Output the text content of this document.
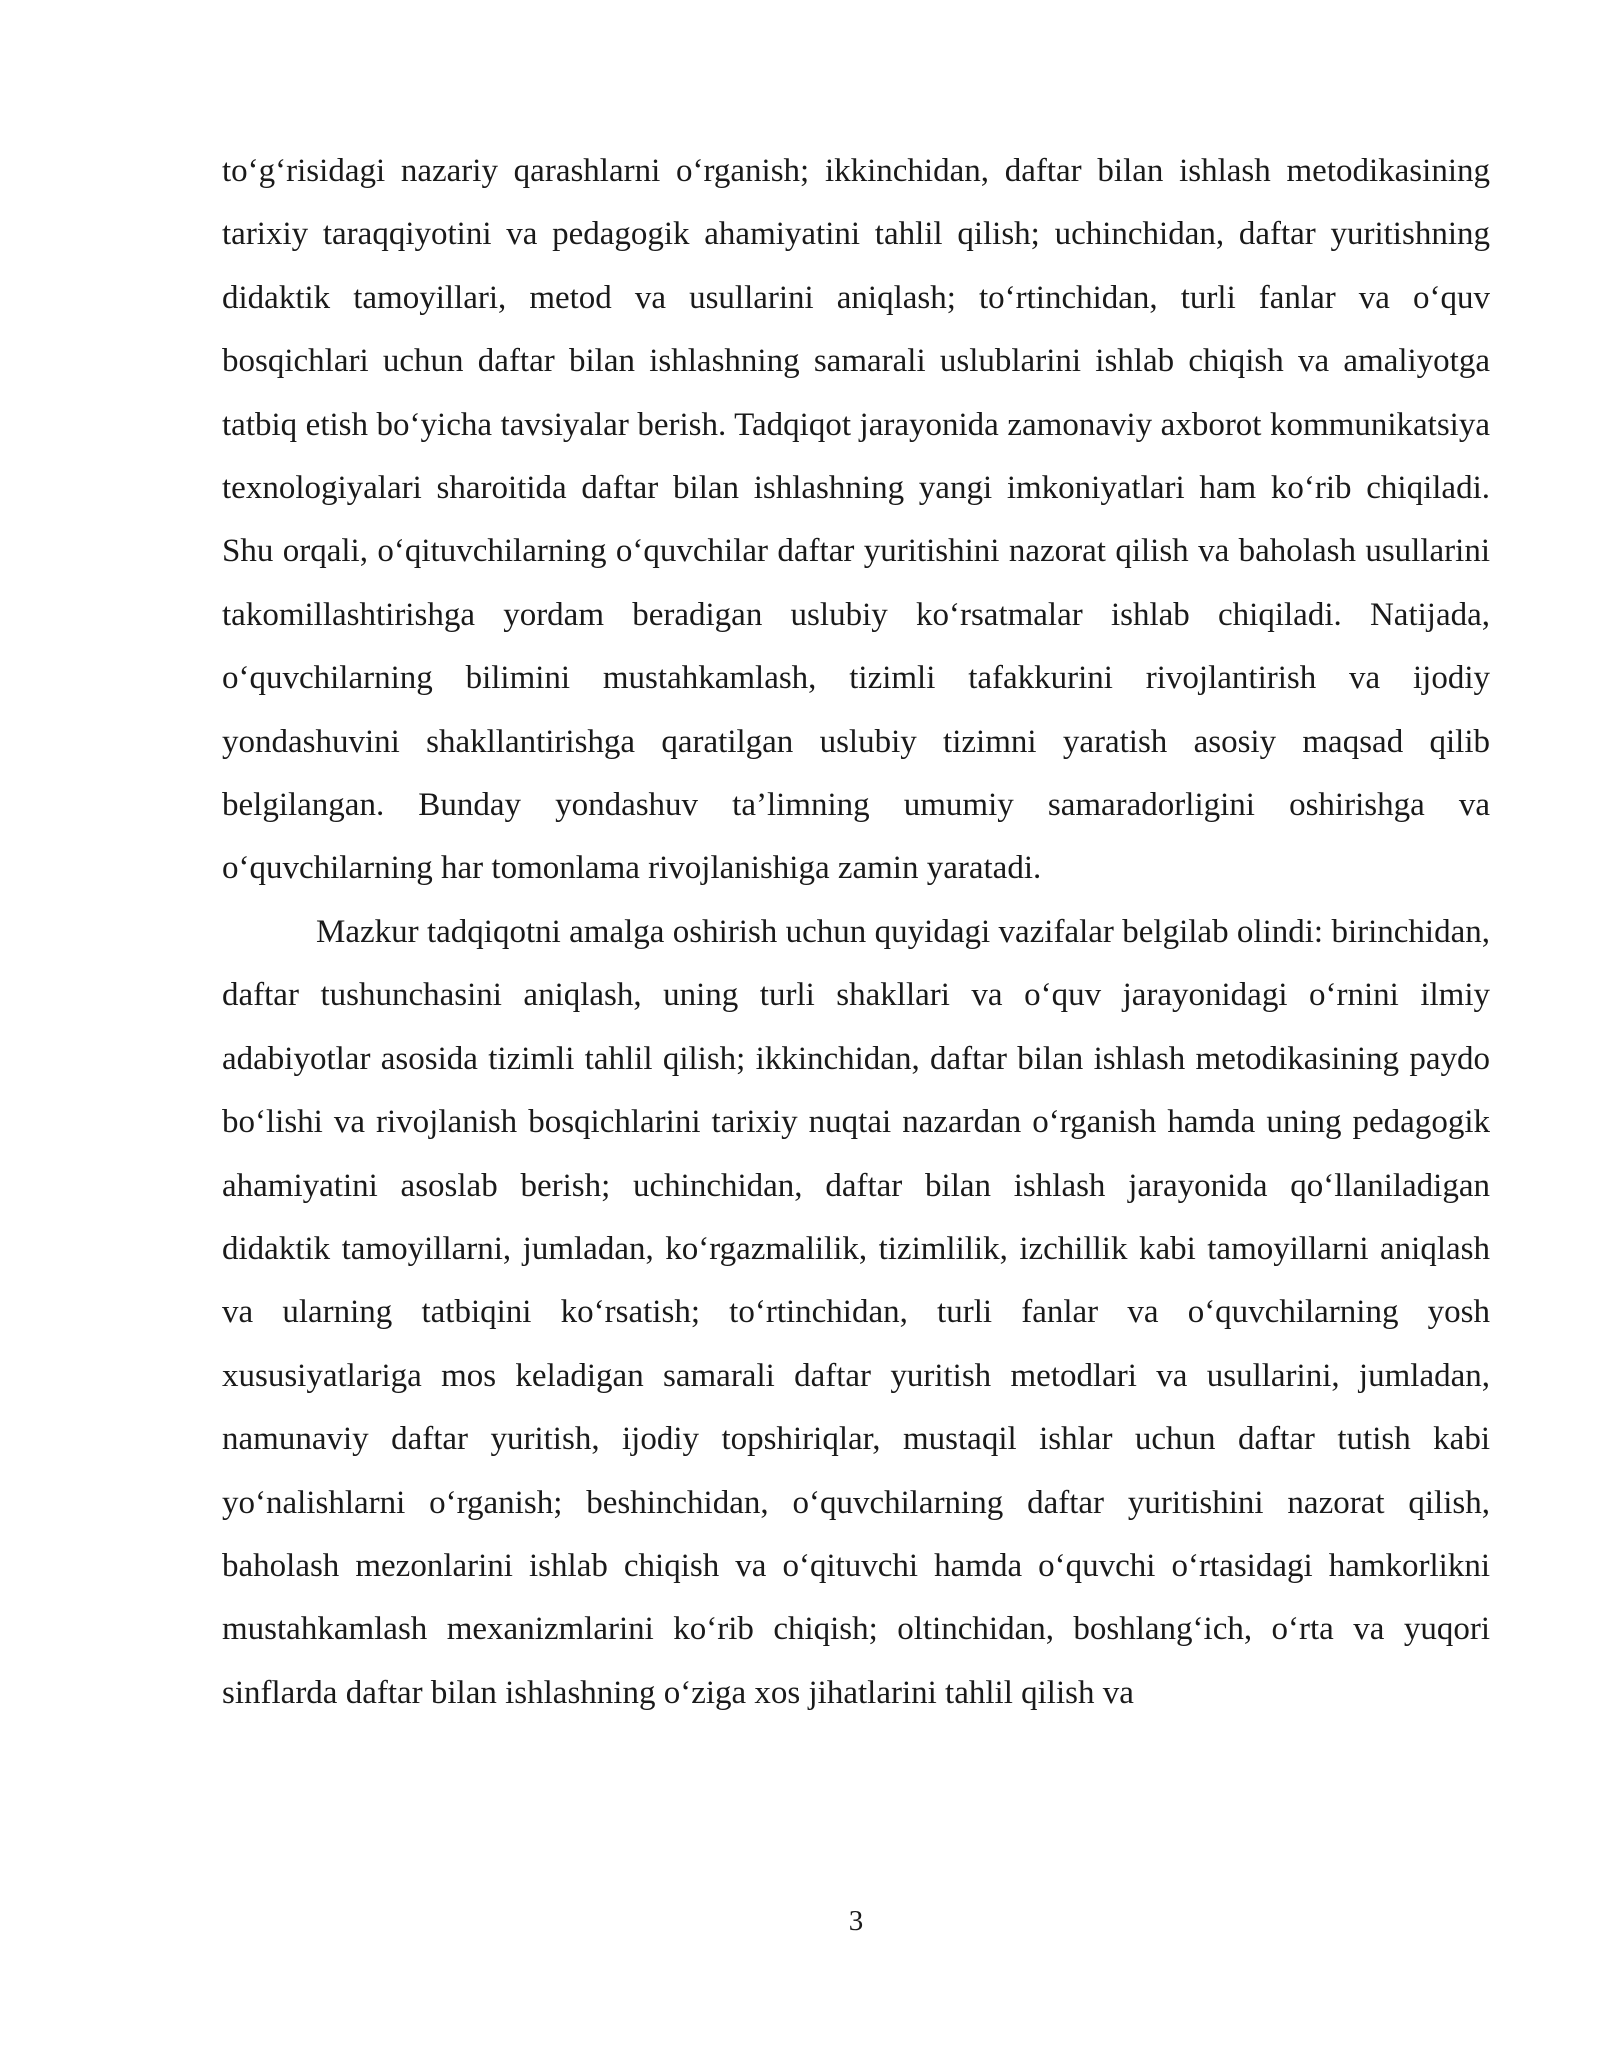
to‘g‘risidagi nazariy qarashlarni o‘rganish; ikkinchidan, daftar bilan ishlash metodikasining tarixiy taraqqiyotini va pedagogik ahamiyatini tahlil qilish; uchinchidan, daftar yuritishning didaktik tamoyillari, metod va usullarini aniqlash; to‘rtinchidan, turli fanlar va o‘quv bosqichlari uchun daftar bilan ishlashning samarali uslublarini ishlab chiqish va amaliyotga tatbiq etish bo‘yicha tavsiyalar berish. Tadqiqot jarayonida zamonaviy axborot kommunikatsiya texnologiyalari sharoitida daftar bilan ishlashning yangi imkoniyatlari ham ko‘rib chiqiladi. Shu orqali, o‘qituvchilarning o‘quvchilar daftar yuritishini nazorat qilish va baholash usullarini takomillashtirishga yordam beradigan uslubiy ko‘rsatmalar ishlab chiqiladi. Natijada, o‘quvchilarning bilimini mustahkamlash, tizimli tafakkurini rivojlantirish va ijodiy yondashuvini shakllantirishga qaratilgan uslubiy tizimni yaratish asosiy maqsad qilib belgilangan. Bunday yondashuv ta’limning umumiy samaradorligini oshirishga va o‘quvchilarning har tomonlama rivojlanishiga zamin yaratadi.

Mazkur tadqiqotni amalga oshirish uchun quyidagi vazifalar belgilab olindi: birinchidan, daftar tushunchasini aniqlash, uning turli shakllari va o‘quv jarayonidagi o‘rnini ilmiy adabiyotlar asosida tizimli tahlil qilish; ikkinchidan, daftar bilan ishlash metodikasining paydo bo‘lishi va rivojlanish bosqichlarini tarixiy nuqtai nazardan o‘rganish hamda uning pedagogik ahamiyatini asoslab berish; uchinchidan, daftar bilan ishlash jarayonida qo‘llaniladigan didaktik tamoyillarni, jumladan, ko‘rgazmalilik, tizimlilik, izchillik kabi tamoyillarni aniqlash va ularning tatbiqini ko‘rsatish; to‘rtinchidan, turli fanlar va o‘quvchilarning yosh xususiyatlariga mos keladigan samarali daftar yuritish metodlari va usullarini, jumladan, namunaviy daftar yuritish, ijodiy topshiriqlar, mustaqil ishlar uchun daftar tutish kabi yo‘nalishlarni o‘rganish; beshinchidan, o‘quvchilarning daftar yuritishini nazorat qilish, baholash mezonlarini ishlab chiqish va o‘qituvchi hamda o‘quvchi o‘rtasidagi hamkorlikni mustahkamlash mexanizmlarini ko‘rib chiqish; oltinchidan, boshlang‘ich, o‘rta va yuqori sinflarda daftar bilan ishlashning o‘ziga xos jihatlarini tahlil qilish va

3
